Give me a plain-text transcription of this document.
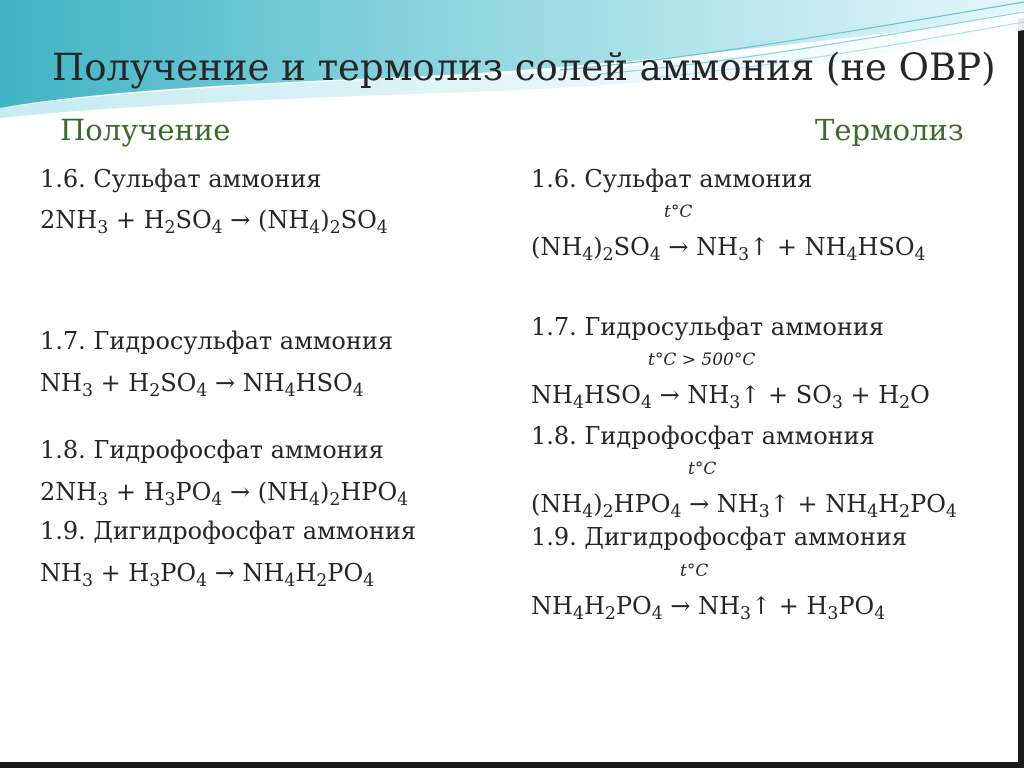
Получение и термолиз солей аммония (не ОВР)
Получение	Термолиз
1.6. Сульфат аммония
$2NH_3 + H_2SO_4 \to (NH_4)_2SO_4$
1.7. Гидросульфат аммония
$NH_3 + H_2SO_4 \to NH_4HSO_4$
1.8. Гидрофосфат аммония
$2NH_3 + H_3PO_4 \to (NH_4)_2HPO_4$
1.9. Дигидрофосфат аммония
$NH_3 + H_3PO_4 \to NH_4H_2PO_4$
1.6. Сульфат аммония
t°C
$(NH_4)_2SO_4$ → $NH_3↑ + NH_4HSO_4$
1.7. Гидросульфат аммония
t°C > 500°C
$NH_4HSO_4$ → $NH_3↑ + SO_3 + H_2O$
1.8. Гидрофосфат аммония
t°C
$(NH_4)_2HPO_4$ → $NH_3↑ + NH_4H_2PO_4$
1.9. Дигидрофосфат аммония
t°C
$NH_4H_2PO_4$ → $NH_3↑ + H_3PO_4$
